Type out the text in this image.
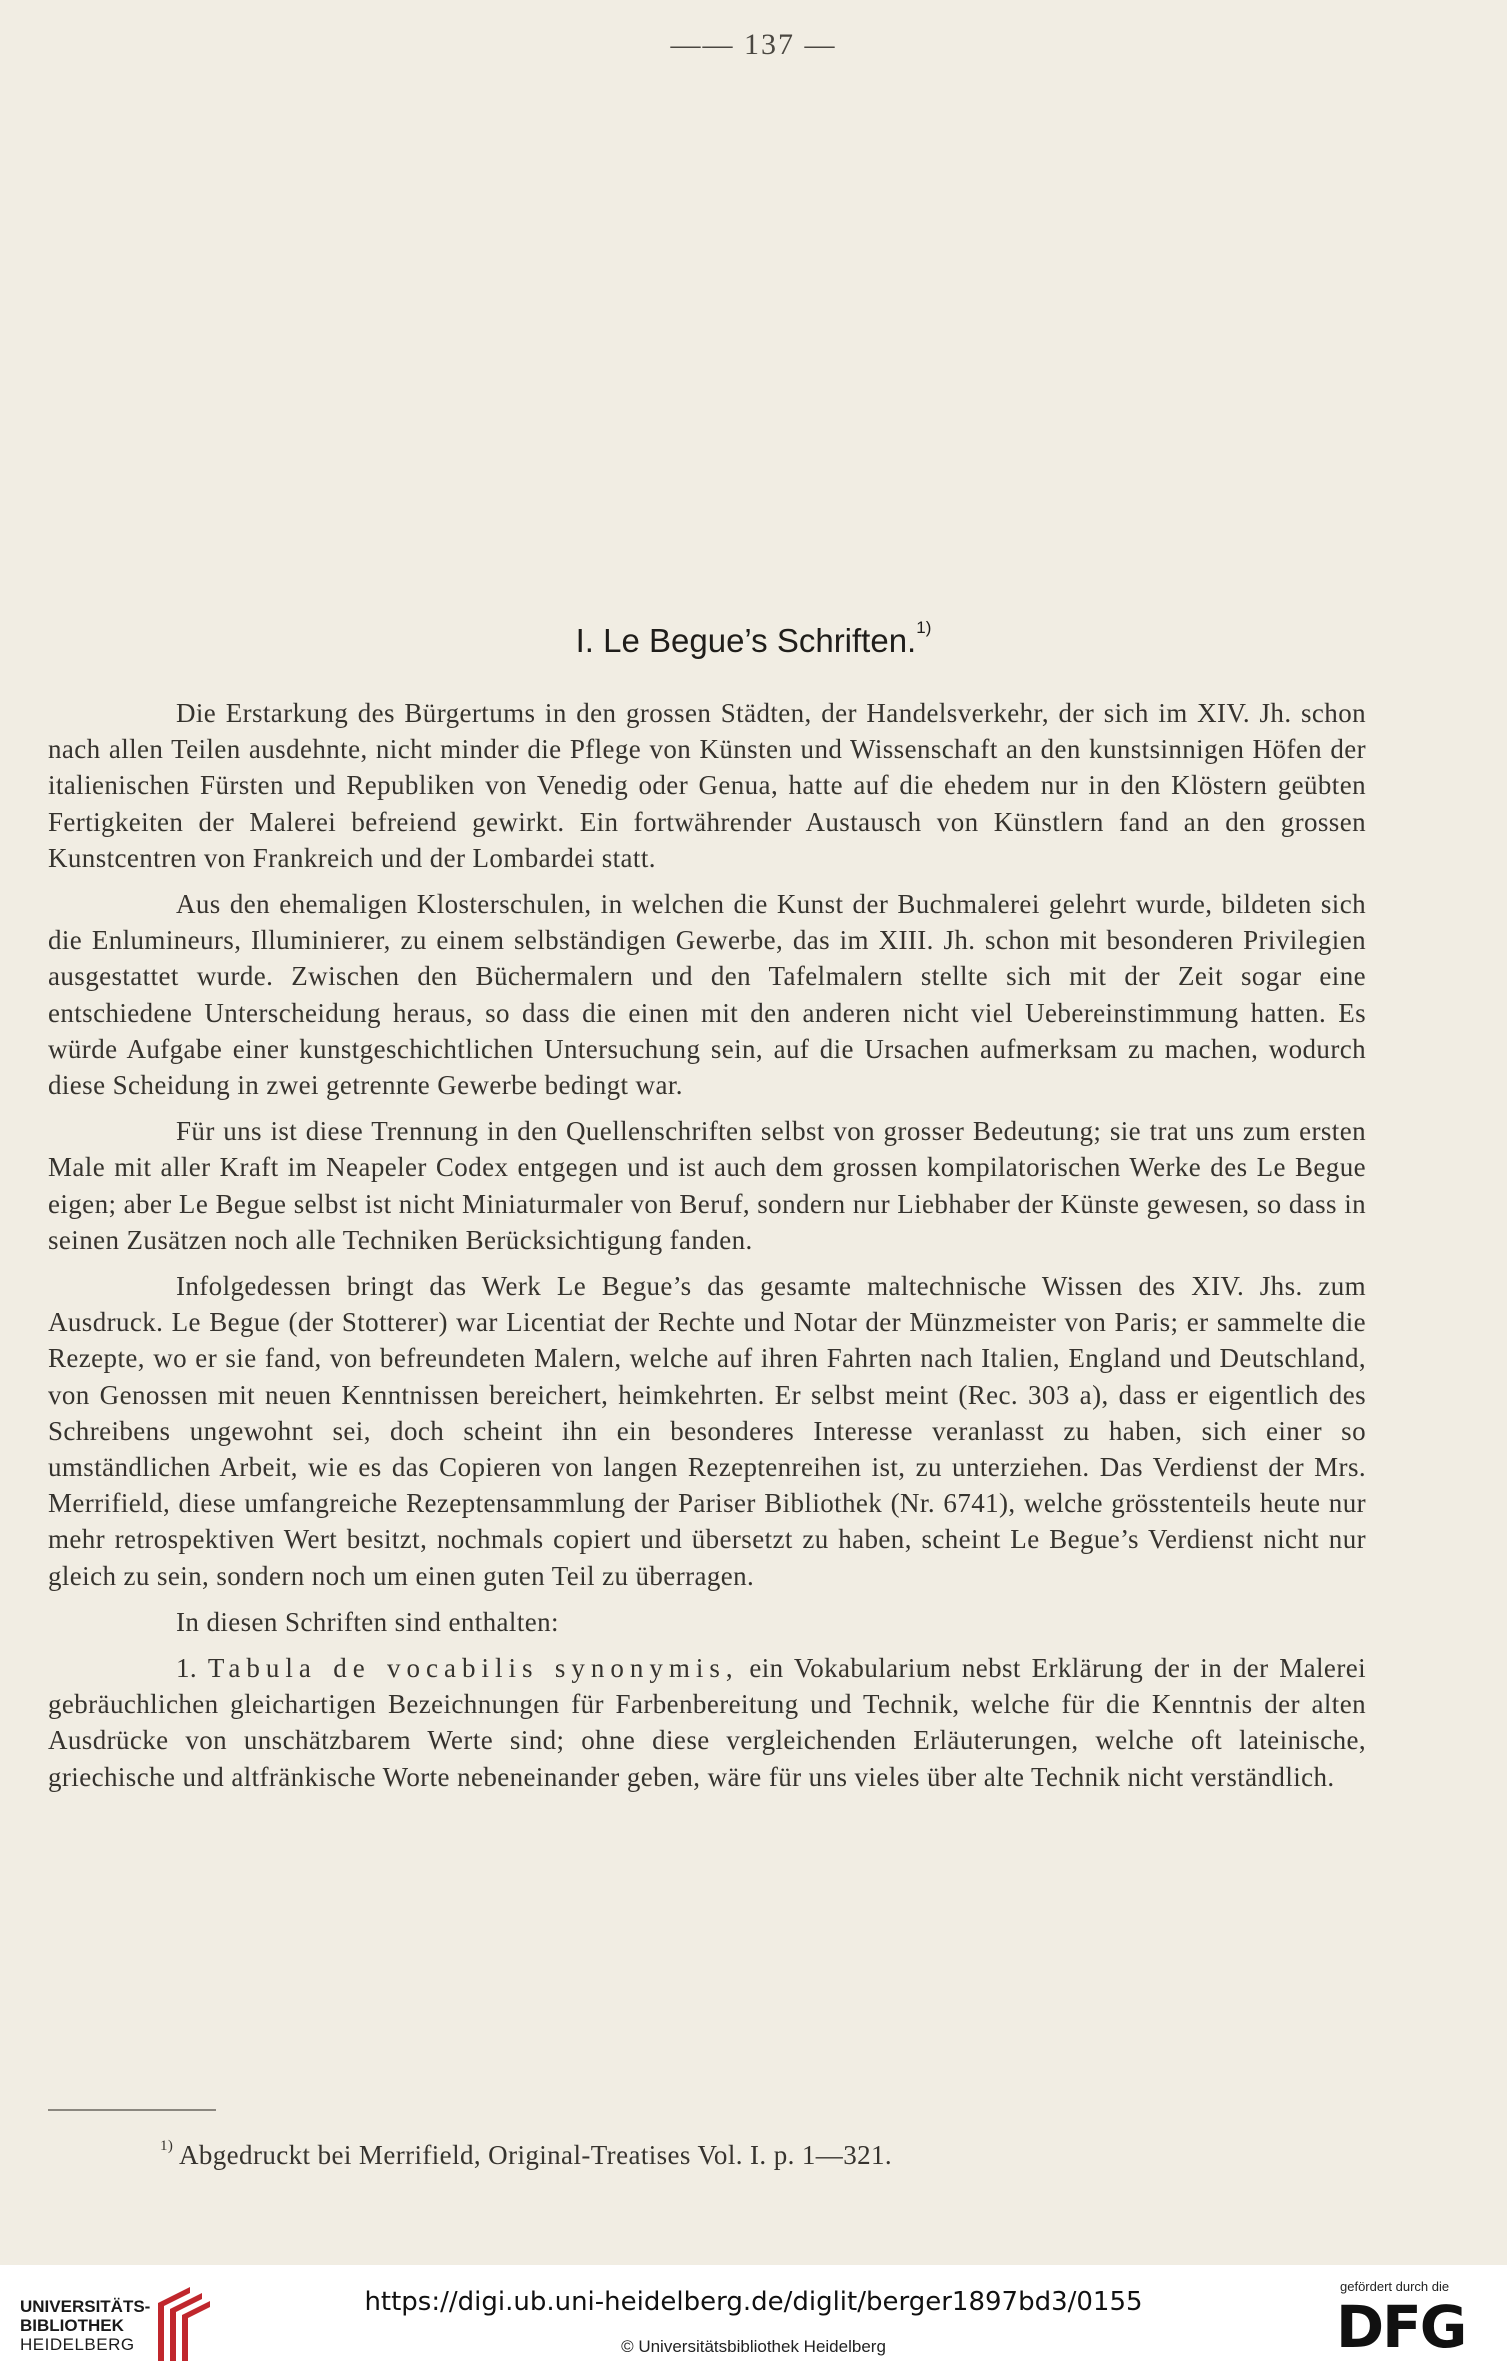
—— 137 —
I. Le Begue’s Schriften.$^{1)}$

Die Erstarkung des Bürgertums in den grossen Städten, der Handelsverkehr, der sich im XIV. Jh. schon nach allen Teilen ausdehnte, nicht minder die Pflege von Künsten und Wissenschaft an den kunstsinnigen Höfen der italienischen Fürsten und Republiken von Venedig oder Genua, hatte auf die ehedem nur in den Klöstern geübten Fertigkeiten der Malerei befreiend gewirkt. Ein fortwährender Austausch von Künstlern fand an den grossen Kunstcentren von Frankreich und der Lombardei statt.

Aus den ehemaligen Klosterschulen, in welchen die Kunst der Buchmalerei gelehrt wurde, bildeten sich die Enlumineurs, Illuminierer, zu einem selbständigen Gewerbe, das im XIII. Jh. schon mit besonderen Privilegien ausgestattet wurde. Zwischen den Büchermalern und den Tafelmalern stellte sich mit der Zeit sogar eine entschiedene Unterscheidung heraus, so dass die einen mit den anderen nicht viel Uebereinstimmung hatten. Es würde Aufgabe einer kunstgeschichtlichen Untersuchung sein, auf die Ursachen aufmerksam zu machen, wodurch diese Scheidung in zwei getrennte Gewerbe bedingt war.

Für uns ist diese Trennung in den Quellenschriften selbst von grosser Bedeutung; sie trat uns zum ersten Male mit aller Kraft im Neapeler Codex entgegen und ist auch dem grossen kompilatorischen Werke des Le Begue eigen; aber Le Begue selbst ist nicht Miniaturmaler von Beruf, sondern nur Liebhaber der Künste gewesen, so dass in seinen Zusätzen noch alle Techniken Berücksichtigung fanden.

Infolgedessen bringt das Werk Le Begue’s das gesamte maltechnische Wissen des XIV. Jhs. zum Ausdruck. Le Begue (der Stotterer) war Licentiat der Rechte und Notar der Münzmeister von Paris; er sammelte die Rezepte, wo er sie fand, von befreundeten Malern, welche auf ihren Fahrten nach Italien, England und Deutschland, von Genossen mit neuen Kenntnissen bereichert, heimkehrten. Er selbst meint (Rec. 303 a), dass er eigentlich des Schreibens ungewohnt sei, doch scheint ihn ein besonderes Interesse veranlasst zu haben, sich einer so umständlichen Arbeit, wie es das Copieren von langen Rezeptenreihen ist, zu unterziehen. Das Verdienst der Mrs. Merrifield, diese umfangreiche Rezeptensammlung der Pariser Bibliothek (Nr. 6741), welche grösstenteils heute nur mehr retrospektiven Wert besitzt, nochmals copiert und übersetzt zu haben, scheint Le Begue’s Verdienst nicht nur gleich zu sein, sondern noch um einen guten Teil zu überragen.

In diesen Schriften sind enthalten:

1. Tabula de vocabilis synonymis, ein Vokabularium nebst Erklärung der in der Malerei gebräuchlichen gleichartigen Bezeichnungen für Farbenbereitung und Technik, welche für die Kenntnis der alten Ausdrücke von unschätzbarem Werte sind; ohne diese vergleichenden Erläuterungen, welche oft lateinische, griechische und altfränkische Worte nebeneinander geben, wäre für uns vieles über alte Technik nicht verständlich.

$^{1)}$ Abgedruckt bei Merrifield, Original-Treatises Vol. I. p. 1—321.
UNIVERSITÄTS-
BIBLIOTHEK
HEIDELBERG
https://digi.ub.uni-heidelberg.de/diglit/berger1897bd3/0155
© Universitätsbibliothek Heidelberg
gefördert durch die
DFG
